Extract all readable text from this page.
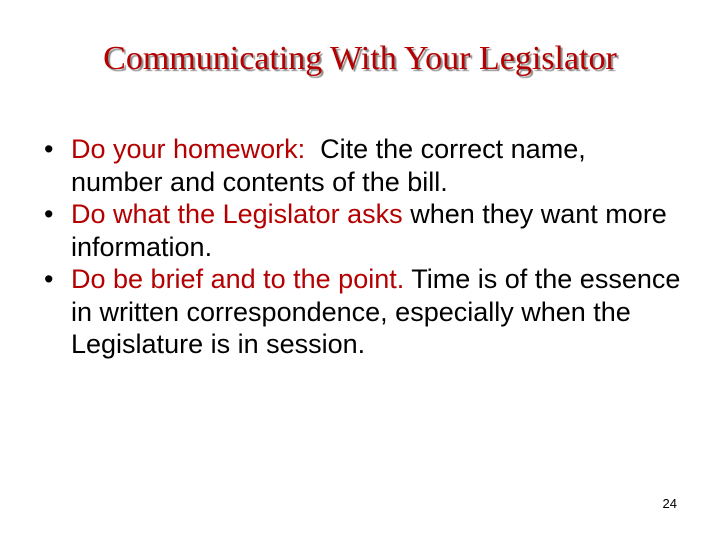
Communicating With Your Legislator
• Do your homework:  Cite the correct name, number and contents of the bill.
• Do what the Legislator asks when they want more information.
• Do be brief and to the point. Time is of the essence in written correspondence, especially when the Legislature is in session.
24
